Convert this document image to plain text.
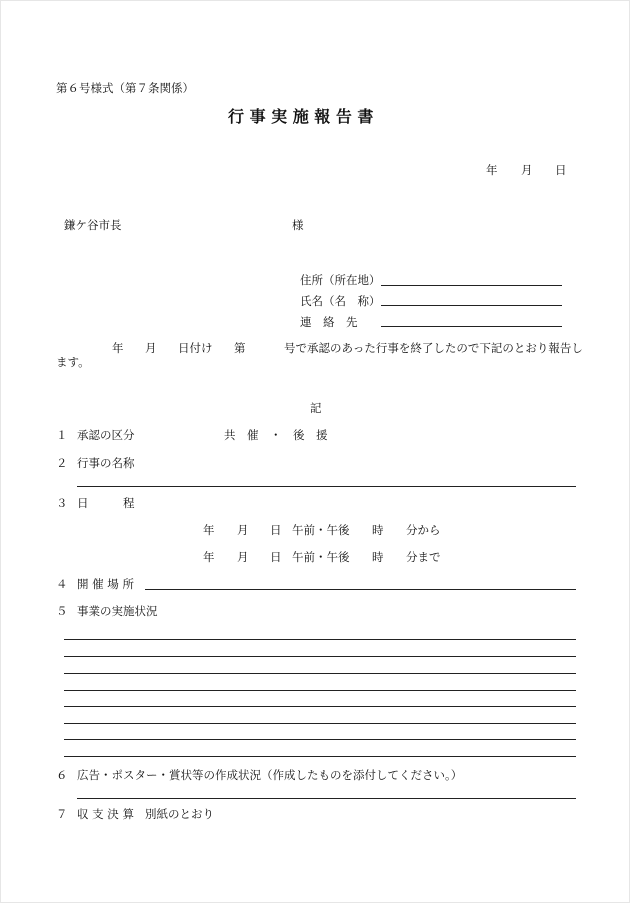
第６号様式（第７条関係）
行 事 実 施 報 告 書
年 月 日
鎌ケ谷市長	様
住所（所在地）
氏名（名　称）
連　絡　先
年 月 日付け 第	号で承認のあった行事を終了したので下記のとおり報告し
ます。
記
１ 承認の区分	共　催　・　後　援
２ 行事の名称
３ 日　　　程
年 月 日 午前・午後 時 分から
年 月 日 午前・午後 時 分まで
４ 開 催 場 所
５ 事業の実施状況
６ 広告・ポスター・賞状等の作成状況（作成したものを添付してください。）
７ 収 支 決 算 別紙のとおり
